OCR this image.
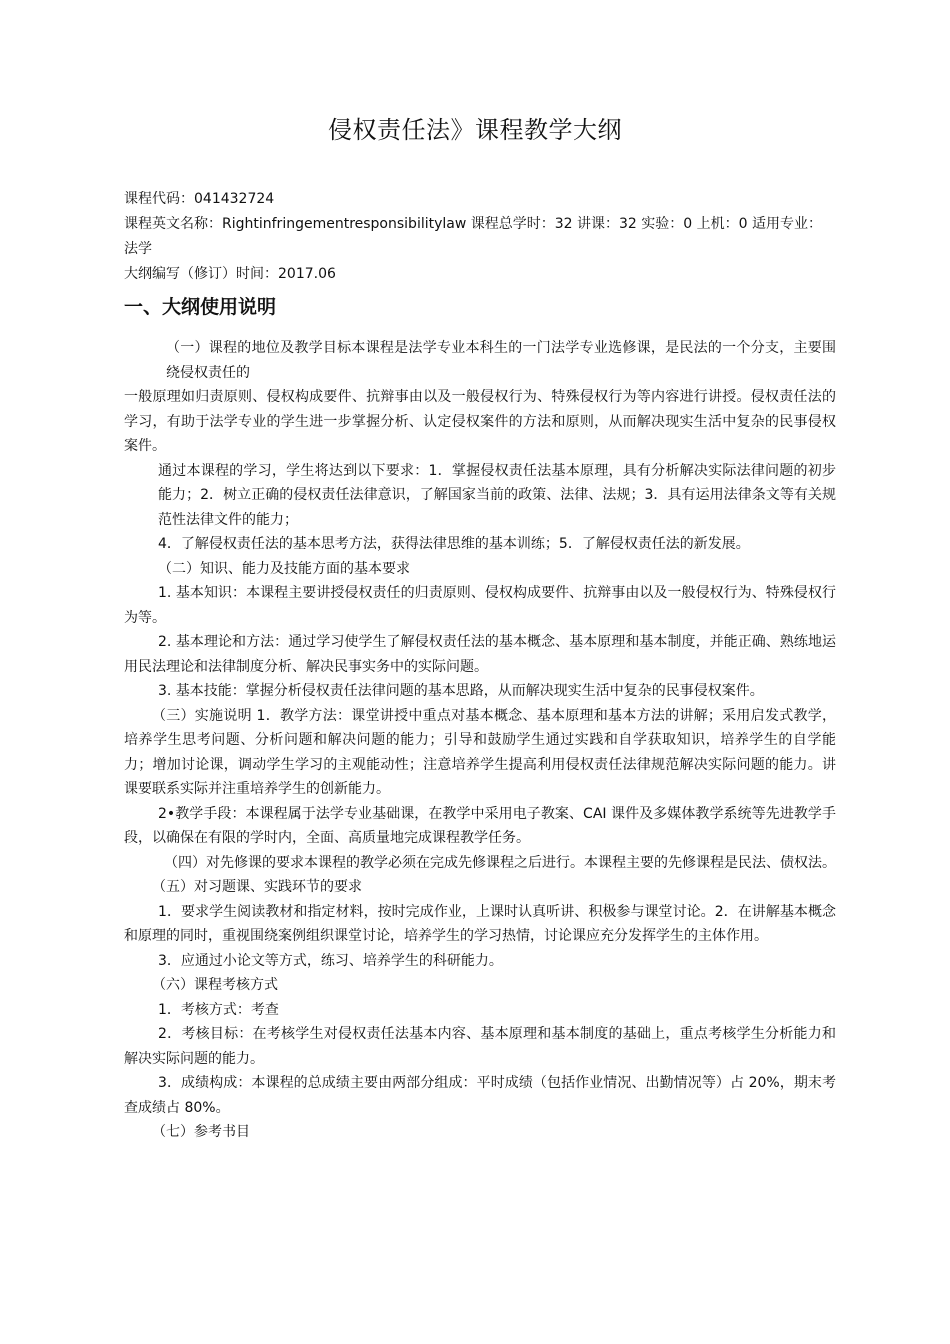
侵权责任法》课程教学大纲

课程代码：041432724

课程英文名称：Rightinfringementresponsibilitylaw 课程总学时：32 讲课：32 实验：0 上机：0 适用专业：法学

大纲编写（修订）时间：2017.06

一、大纲使用说明

（一）课程的地位及教学目标本课程是法学专业本科生的一门法学专业选修课，是民法的一个分支，主要围绕侵权责任的

一般原理如归责原则、侵权构成要件、抗辩事由以及一般侵权行为、特殊侵权行为等内容进行讲授。侵权责任法的学习，有助于法学专业的学生进一步掌握分析、认定侵权案件的方法和原则，从而解决现实生活中复杂的民事侵权案件。

通过本课程的学习，学生将达到以下要求：1．掌握侵权责任法基本原理，具有分析解决实际法律问题的初步能力；2．树立正确的侵权责任法律意识，了解国家当前的政策、法律、法规；3．具有运用法律条文等有关规范性法律文件的能力；

4．了解侵权责任法的基本思考方法，获得法律思维的基本训练；5．了解侵权责任法的新发展。

（二）知识、能力及技能方面的基本要求

1. 基本知识：本课程主要讲授侵权责任的归责原则、侵权构成要件、抗辩事由以及一般侵权行为、特殊侵权行为等。

2. 基本理论和方法：通过学习使学生了解侵权责任法的基本概念、基本原理和基本制度，并能正确、熟练地运用民法理论和法律制度分析、解决民事实务中的实际问题。

3. 基本技能：掌握分析侵权责任法律问题的基本思路，从而解决现实生活中复杂的民事侵权案件。

（三）实施说明 1．教学方法：课堂讲授中重点对基本概念、基本原理和基本方法的讲解；采用启发式教学，培养学生思考问题、分析问题和解决问题的能力；引导和鼓励学生通过实践和自学获取知识，培养学生的自学能力；增加讨论课，调动学生学习的主观能动性；注意培养学生提高利用侵权责任法律规范解决实际问题的能力。讲课要联系实际并注重培养学生的创新能力。

2•教学手段：本课程属于法学专业基础课，在教学中采用电子教案、CAI 课件及多媒体教学系统等先进教学手段，以确保在有限的学时内，全面、高质量地完成课程教学任务。

（四）对先修课的要求本课程的教学必须在完成先修课程之后进行。本课程主要的先修课程是民法、债权法。

（五）对习题课、实践环节的要求

1．要求学生阅读教材和指定材料，按时完成作业，上课时认真听讲、积极参与课堂讨论。2．在讲解基本概念和原理的同时，重视围绕案例组织课堂讨论，培养学生的学习热情，讨论课应充分发挥学生的主体作用。

3．应通过小论文等方式，练习、培养学生的科研能力。

（六）课程考核方式

1．考核方式：考查

2．考核目标：在考核学生对侵权责任法基本内容、基本原理和基本制度的基础上，重点考核学生分析能力和解决实际问题的能力。

3．成绩构成：本课程的总成绩主要由两部分组成：平时成绩（包括作业情况、出勤情况等）占 20%，期末考查成绩占 80%。

（七）参考书目
